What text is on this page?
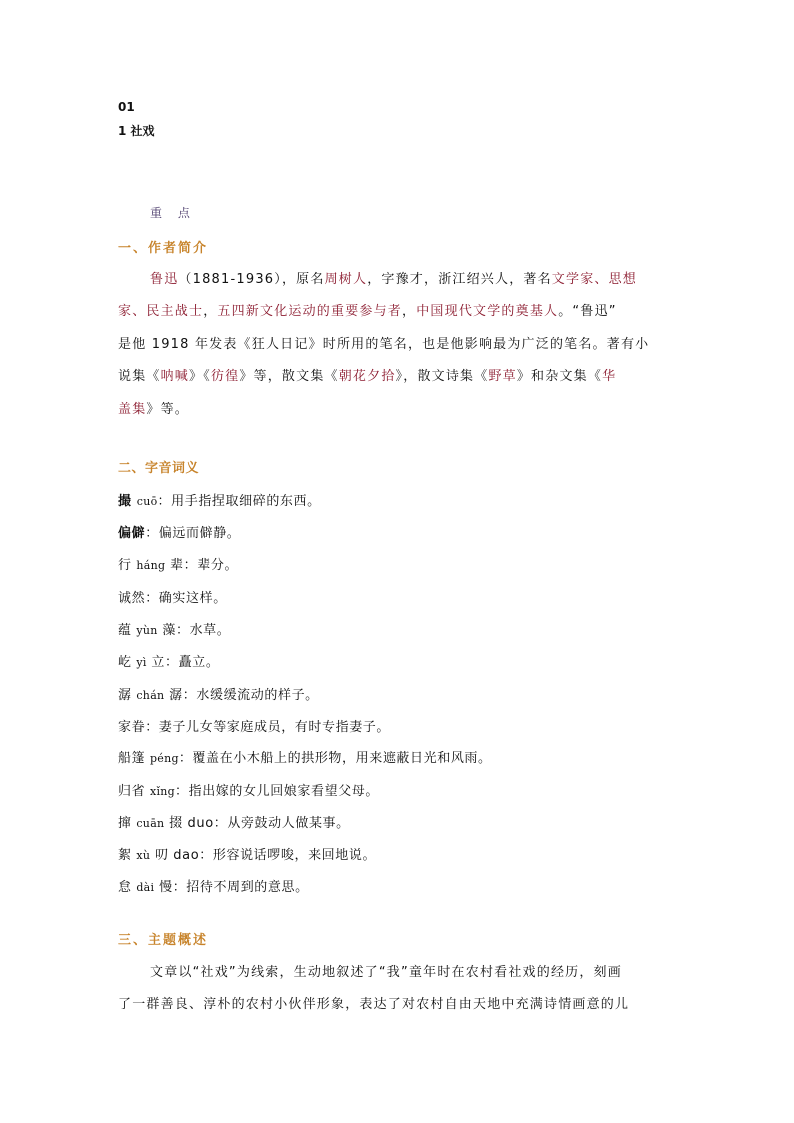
01
1 社戏
重 点
一、作者简介
鲁迅（1881-1936），原名周树人，字豫才，浙江绍兴人，著名文学家、思想
家、民主战士，五四新文化运动的重要参与者，中国现代文学的奠基人。“鲁迅”
是他 1918 年发表《狂人日记》时所用的笔名，也是他影响最为广泛的笔名。著有小
说集《呐喊》《彷徨》等，散文集《朝花夕拾》，散文诗集《野草》和杂文集《华
盖集》等。
二、字音词义
撮 cuō：用手指捏取细碎的东西。
偏僻：偏远而僻静。
行 háng 辈：辈分。
诚然：确实这样。
蕴 yùn 藻：水草。
屹 yì 立：矗立。
潺 chán 潺：水缓缓流动的样子。
家眷：妻子儿女等家庭成员，有时专指妻子。
船篷 péng：覆盖在小木船上的拱形物，用来遮蔽日光和风雨。
归省 xǐng：指出嫁的女儿回娘家看望父母。
撺 cuān 掇 duo：从旁鼓动人做某事。
絮 xù 叨 dao：形容说话啰唆，来回地说。
怠 dài 慢：招待不周到的意思。
三、主题概述
文章以“社戏”为线索，生动地叙述了“我”童年时在农村看社戏的经历，刻画
了一群善良、淳朴的农村小伙伴形象，表达了对农村自由天地中充满诗情画意的儿
